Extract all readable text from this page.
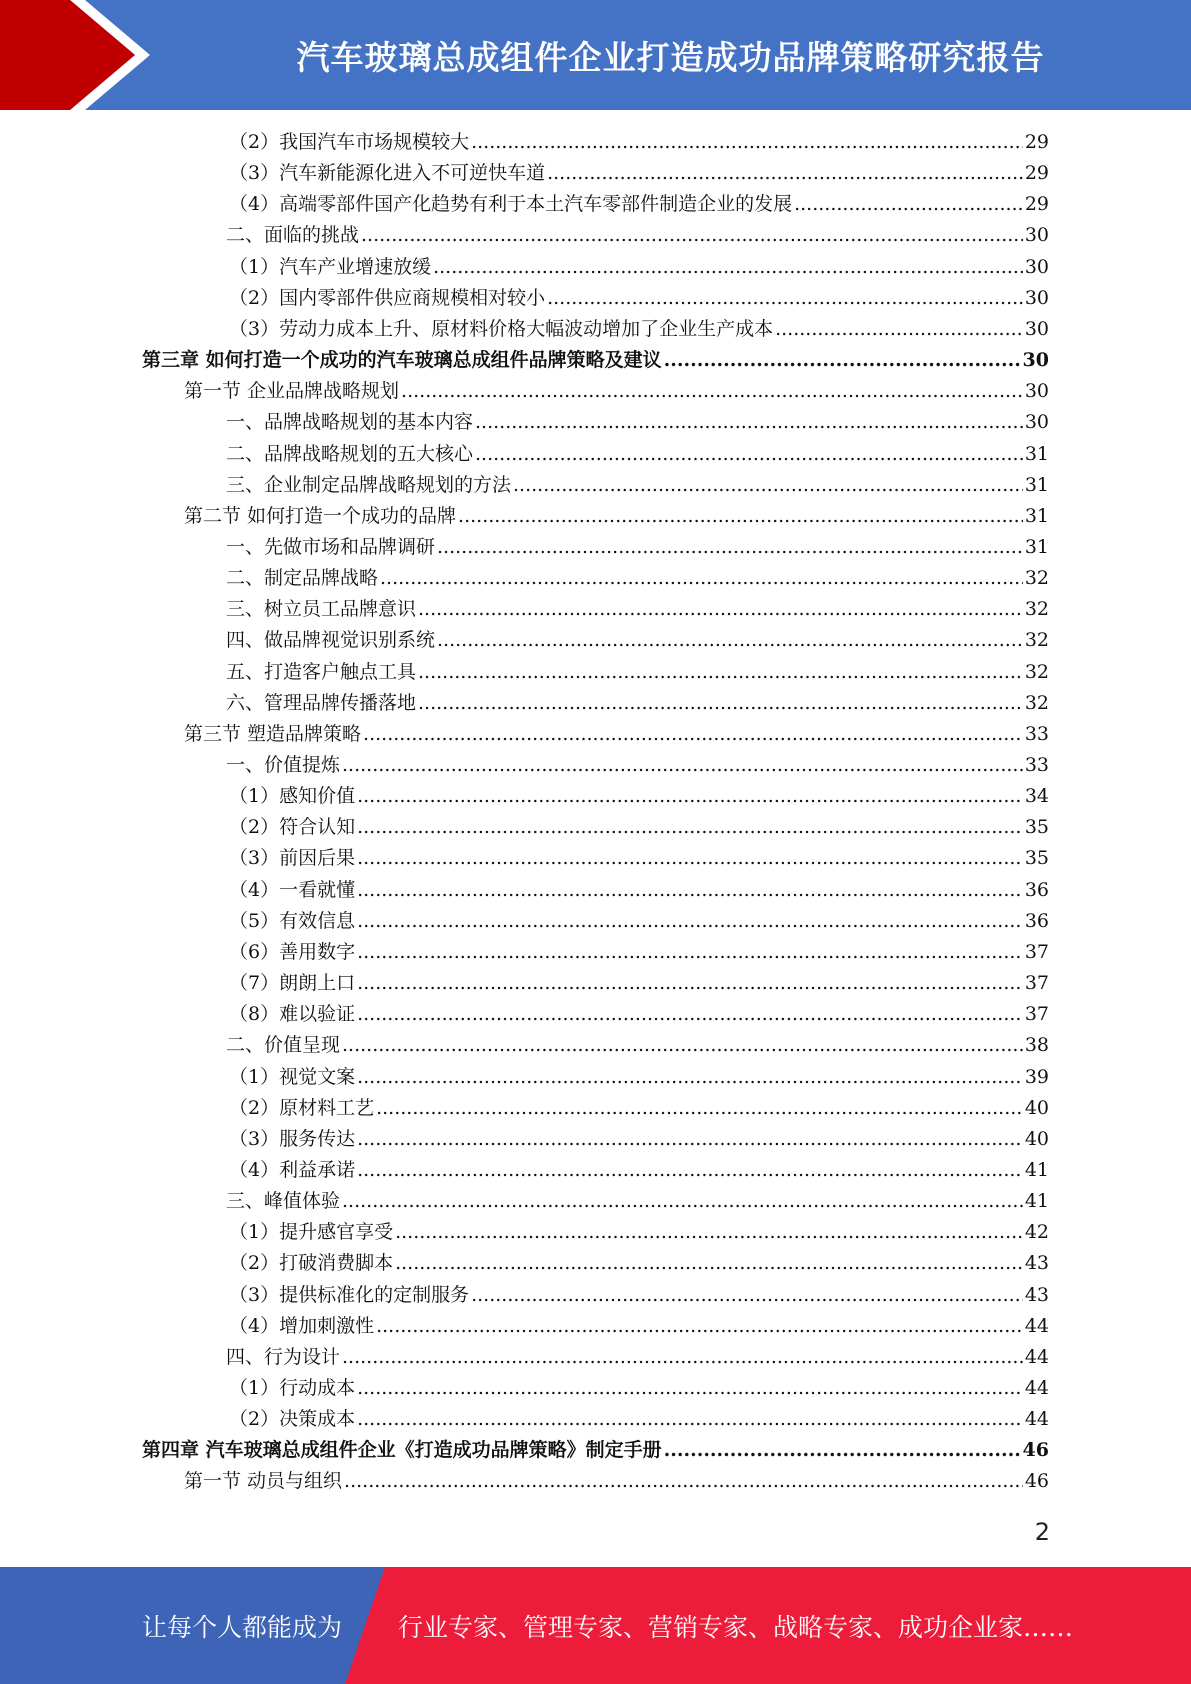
汽车玻璃总成组件企业打造成功品牌策略研究报告
（2）我国汽车市场规模较大 .....	29
（3）汽车新能源化进入不可逆快车道 .....	29
（4）高端零部件国产化趋势有利于本土汽车零部件制造企业的发展 .....	29
二、面临的挑战 .....	30
（1）汽车产业增速放缓 .....	30
（2）国内零部件供应商规模相对较小 .....	30
（3）劳动力成本上升、原材料价格大幅波动增加了企业生产成本 .....	30
第三章 如何打造一个成功的汽车玻璃总成组件品牌策略及建议 .....	30
第一节 企业品牌战略规划 .....	30
一、品牌战略规划的基本内容 .....	30
二、品牌战略规划的五大核心 .....	31
三、企业制定品牌战略规划的方法 .....	31
第二节 如何打造一个成功的品牌 .....	31
一、先做市场和品牌调研 .....	31
二、制定品牌战略 .....	32
三、树立员工品牌意识 .....	32
四、做品牌视觉识别系统 .....	32
五、打造客户触点工具 .....	32
六、管理品牌传播落地 .....	32
第三节 塑造品牌策略 .....	33
一、价值提炼 .....	33
（1）感知价值 .....	34
（2）符合认知 .....	35
（3）前因后果 .....	35
（4）一看就懂 .....	36
（5）有效信息 .....	36
（6）善用数字 .....	37
（7）朗朗上口 .....	37
（8）难以验证 .....	37
二、价值呈现 .....	38
（1）视觉文案 .....	39
（2）原材料工艺 .....	40
（3）服务传达 .....	40
（4）利益承诺 .....	41
三、峰值体验 .....	41
（1）提升感官享受 .....	42
（2）打破消费脚本 .....	43
（3）提供标准化的定制服务 .....	43
（4）增加刺激性 .....	44
四、行为设计 .....	44
（1）行动成本 .....	44
（2）决策成本 .....	44
第四章 汽车玻璃总成组件企业《打造成功品牌策略》制定手册 .....	46
第一节 动员与组织 .....	46
2
让每个人都能成为 行业专家、管理专家、营销专家、战略专家、成功企业家……
